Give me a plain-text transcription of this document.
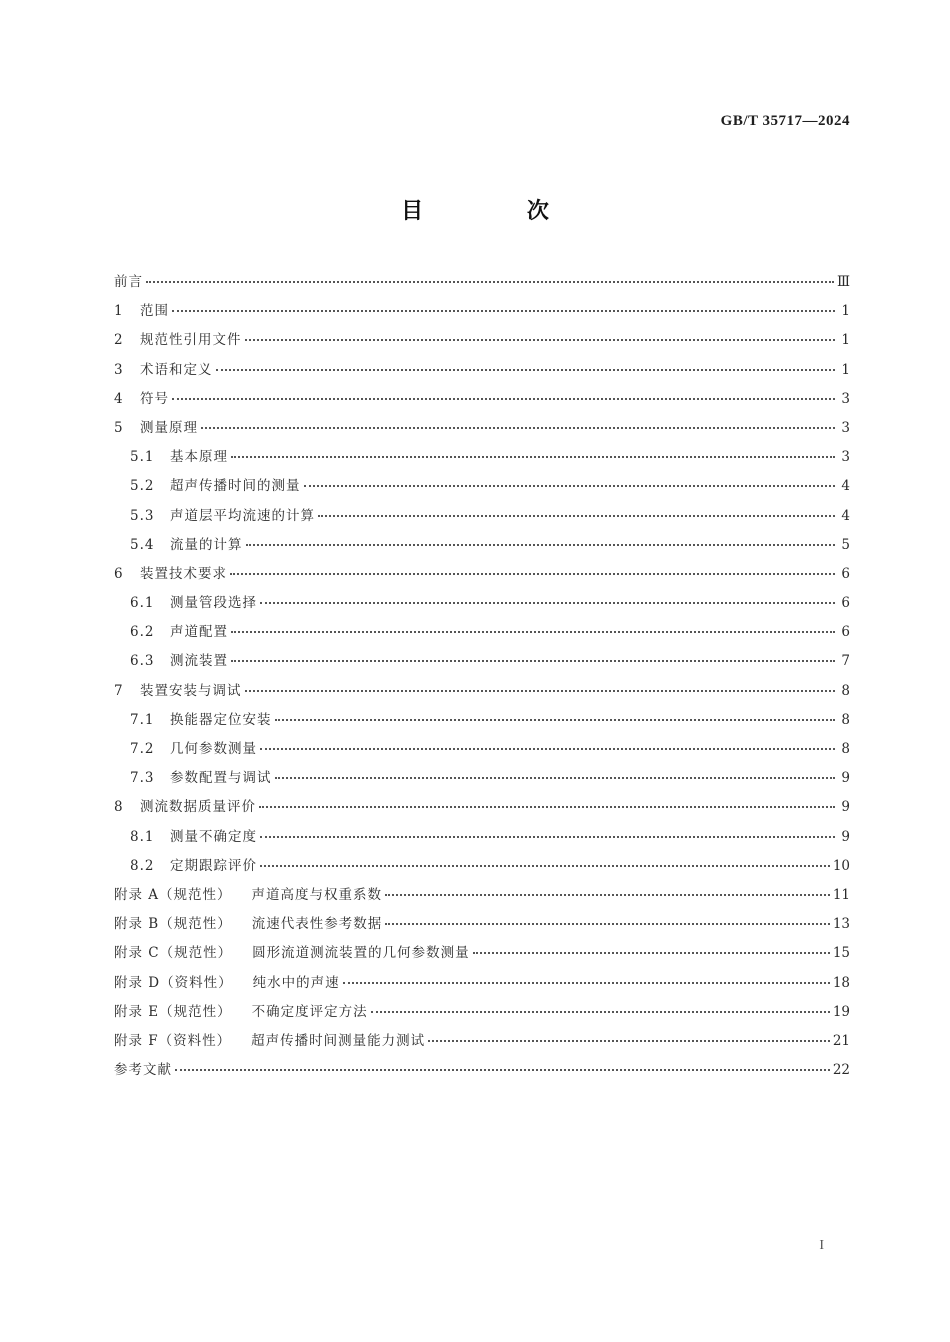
GB/T 35717—2024
目 次
前言	Ⅲ
1	范围	1
2	规范性引用文件	1
3	术语和定义	1
4	符号	3
5	测量原理	3
5.1	基本原理	3
5.2	超声传播时间的测量	4
5.3	声道层平均流速的计算	4
5.4	流量的计算	5
6	装置技术要求	6
6.1	测量管段选择	6
6.2	声道配置	6
6.3	测流装置	7
7	装置安装与调试	8
7.1	换能器定位安装	8
7.2	几何参数测量	8
7.3	参数配置与调试	9
8	测流数据质量评价	9
8.1	测量不确定度	9
8.2	定期跟踪评价	10
附录 A（规范性） 声道高度与权重系数	11
附录 B（规范性） 流速代表性参考数据	13
附录 C（规范性） 圆形流道测流装置的几何参数测量	15
附录 D（资料性） 纯水中的声速	18
附录 E（规范性） 不确定度评定方法	19
附录 F（资料性） 超声传播时间测量能力测试	21
参考文献	22
I
